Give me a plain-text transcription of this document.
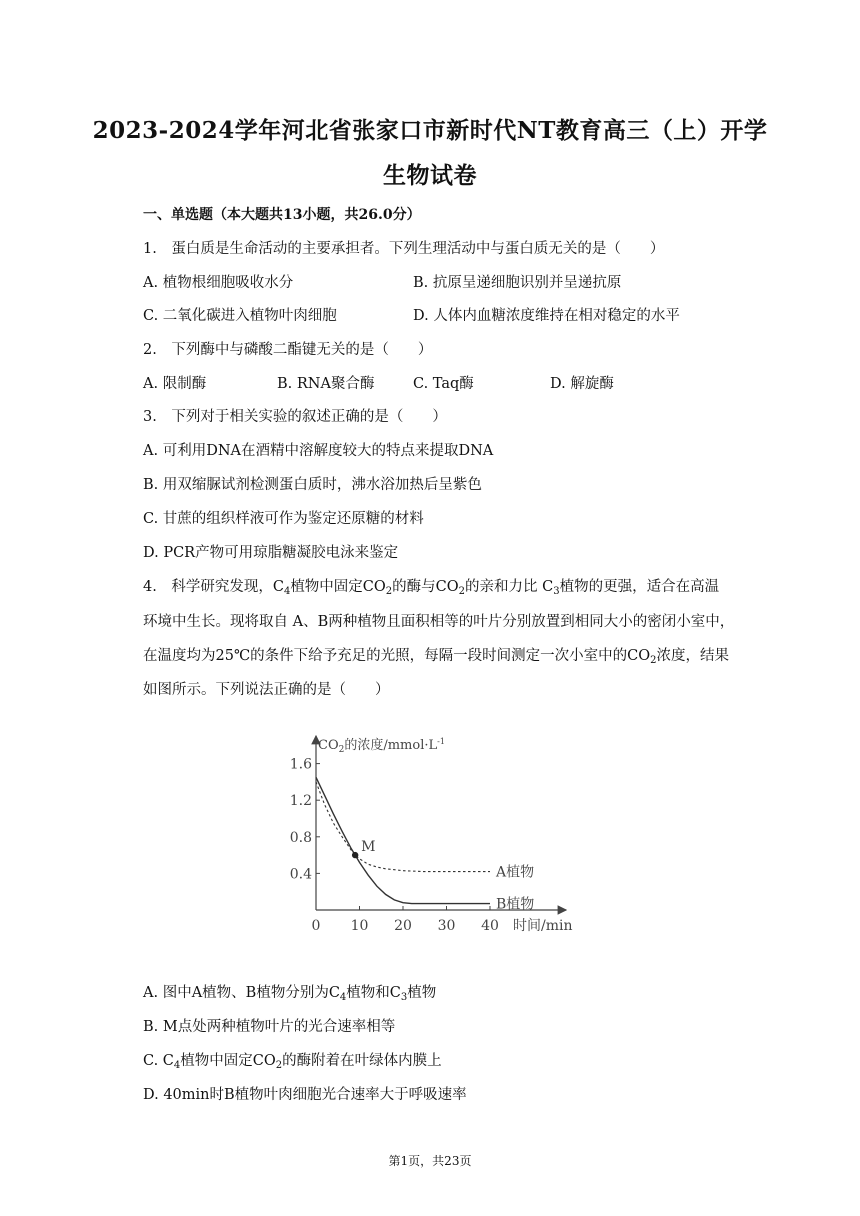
2023-2024学年河北省张家口市新时代NT教育高三（上）开学
生物试卷
一、单选题（本大题共13小题，共26.0分）
1.　蛋白质是生命活动的主要承担者。下列生理活动中与蛋白质无关的是（　　）
A. 植物根细胞吸收水分	B. 抗原呈递细胞识别并呈递抗原
C. 二氧化碳进入植物叶肉细胞	D. 人体内血糖浓度维持在相对稳定的水平
2.　下列酶中与磷酸二酯键无关的是（　　）
A. 限制酶	B. RNA聚合酶	C. Taq酶	D. 解旋酶
3.　下列对于相关实验的叙述正确的是（　　）
A. 可利用DNA在酒精中溶解度较大的特点来提取DNA
B. 用双缩脲试剂检测蛋白质时，沸水浴加热后呈紫色
C. 甘蔗的组织样液可作为鉴定还原糖的材料
D. PCR产物可用琼脂糖凝胶电泳来鉴定
4.　科学研究发现，$C_4$植物中固定$CO_2$的酶与$CO_2$的亲和力比 $C_3$植物的更强，适合在高温
环境中生长。现将取自 A、B两种植物且面积相等的叶片分别放置到相同大小的密闭小室中，
在温度均为25℃的条件下给予充足的光照，每隔一段时间测定一次小室中的$CO_2$浓度，结果
如图所示。下列说法正确的是（　　）
0.4
0.8
1.2
1.6
0 10 20 30 40 时间/min
$CO_2$的浓度$/mmol\cdot L^{-1}$
A植物
B植物
M
A. 图中A植物、B植物分别为$C_4$植物和$C_3$植物
B. M点处两种植物叶片的光合速率相等
C. $C_4$植物中固定$CO_2$的酶附着在叶绿体内膜上
D. 40min时B植物叶肉细胞光合速率大于呼吸速率
第1页，共23页
